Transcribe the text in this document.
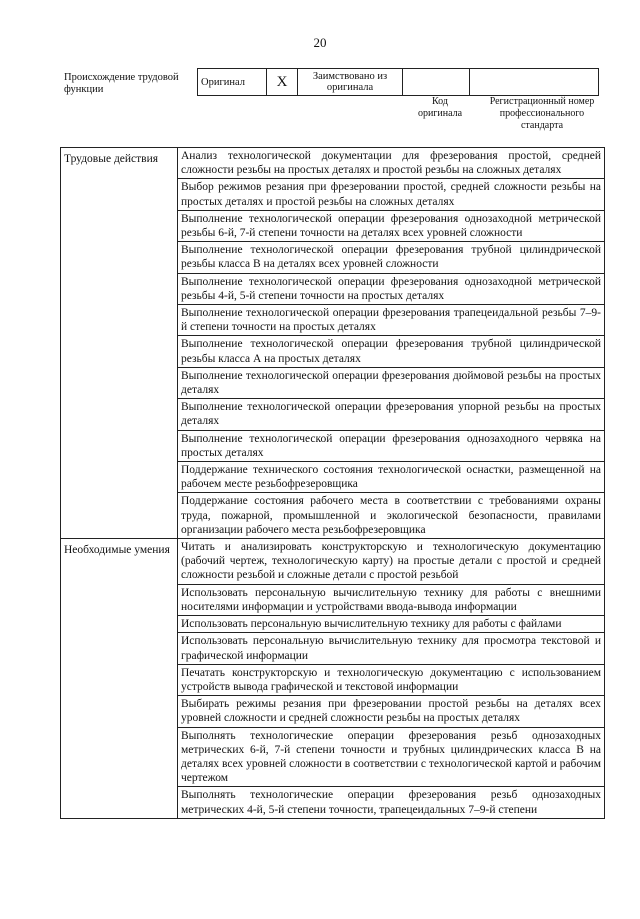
20
Происхождение трудовой функции
Оригинал	X	Заимствовано из оригинала		
Код оригинала
Регистрационный номер профессионального стандарта
Трудовые действия	Анализ технологической документации для фрезерования простой, средней сложности резьбы на простых деталях и простой резьбы на сложных деталях
	Выбор режимов резания при фрезеровании простой, средней сложности резьбы на простых деталях и простой резьбы на сложных деталях
	Выполнение технологической операции фрезерования однозаходной метрической резьбы 6-й, 7-й степени точности на деталях всех уровней сложности
	Выполнение технологической операции фрезерования трубной цилиндрической резьбы класса В на деталях всех уровней сложности
	Выполнение технологической операции фрезерования однозаходной метрической резьбы 4-й, 5-й степени точности на простых деталях
	Выполнение технологической операции фрезерования трапецеидальной резьбы 7–9-й степени точности на простых деталях
	Выполнение технологической операции фрезерования трубной цилиндрической резьбы класса А на простых деталях
	Выполнение технологической операции фрезерования дюймовой резьбы на простых деталях
	Выполнение технологической операции фрезерования упорной резьбы на простых деталях
	Выполнение технологической операции фрезерования однозаходного червяка на простых деталях
	Поддержание технического состояния технологической оснастки, размещенной на рабочем месте резьбофрезеровщика
	Поддержание состояния рабочего места в соответствии с требованиями охраны труда, пожарной, промышленной и экологической безопасности, правилами организации рабочего места резьбофрезеровщика
Необходимые умения	Читать и анализировать конструкторскую и технологическую документацию (рабочий чертеж, технологическую карту) на простые детали с простой и средней сложности резьбой и сложные детали с простой резьбой
	Использовать персональную вычислительную технику для работы с внешними носителями информации и устройствами ввода-вывода информации
	Использовать персональную вычислительную технику для работы с файлами
	Использовать персональную вычислительную технику для просмотра текстовой и графической информации
	Печатать конструкторскую и технологическую документацию с использованием устройств вывода графической и текстовой информации
	Выбирать режимы резания при фрезеровании простой резьбы на деталях всех уровней сложности и средней сложности резьбы на простых деталях
	Выполнять технологические операции фрезерования резьб однозаходных метрических 6-й, 7-й степени точности и трубных цилиндрических класса В на деталях всех уровней сложности в соответствии с технологической картой и рабочим чертежом
	Выполнять технологические операции фрезерования резьб однозаходных метрических 4-й, 5-й степени точности, трапецеидальных 7–9-й степени
